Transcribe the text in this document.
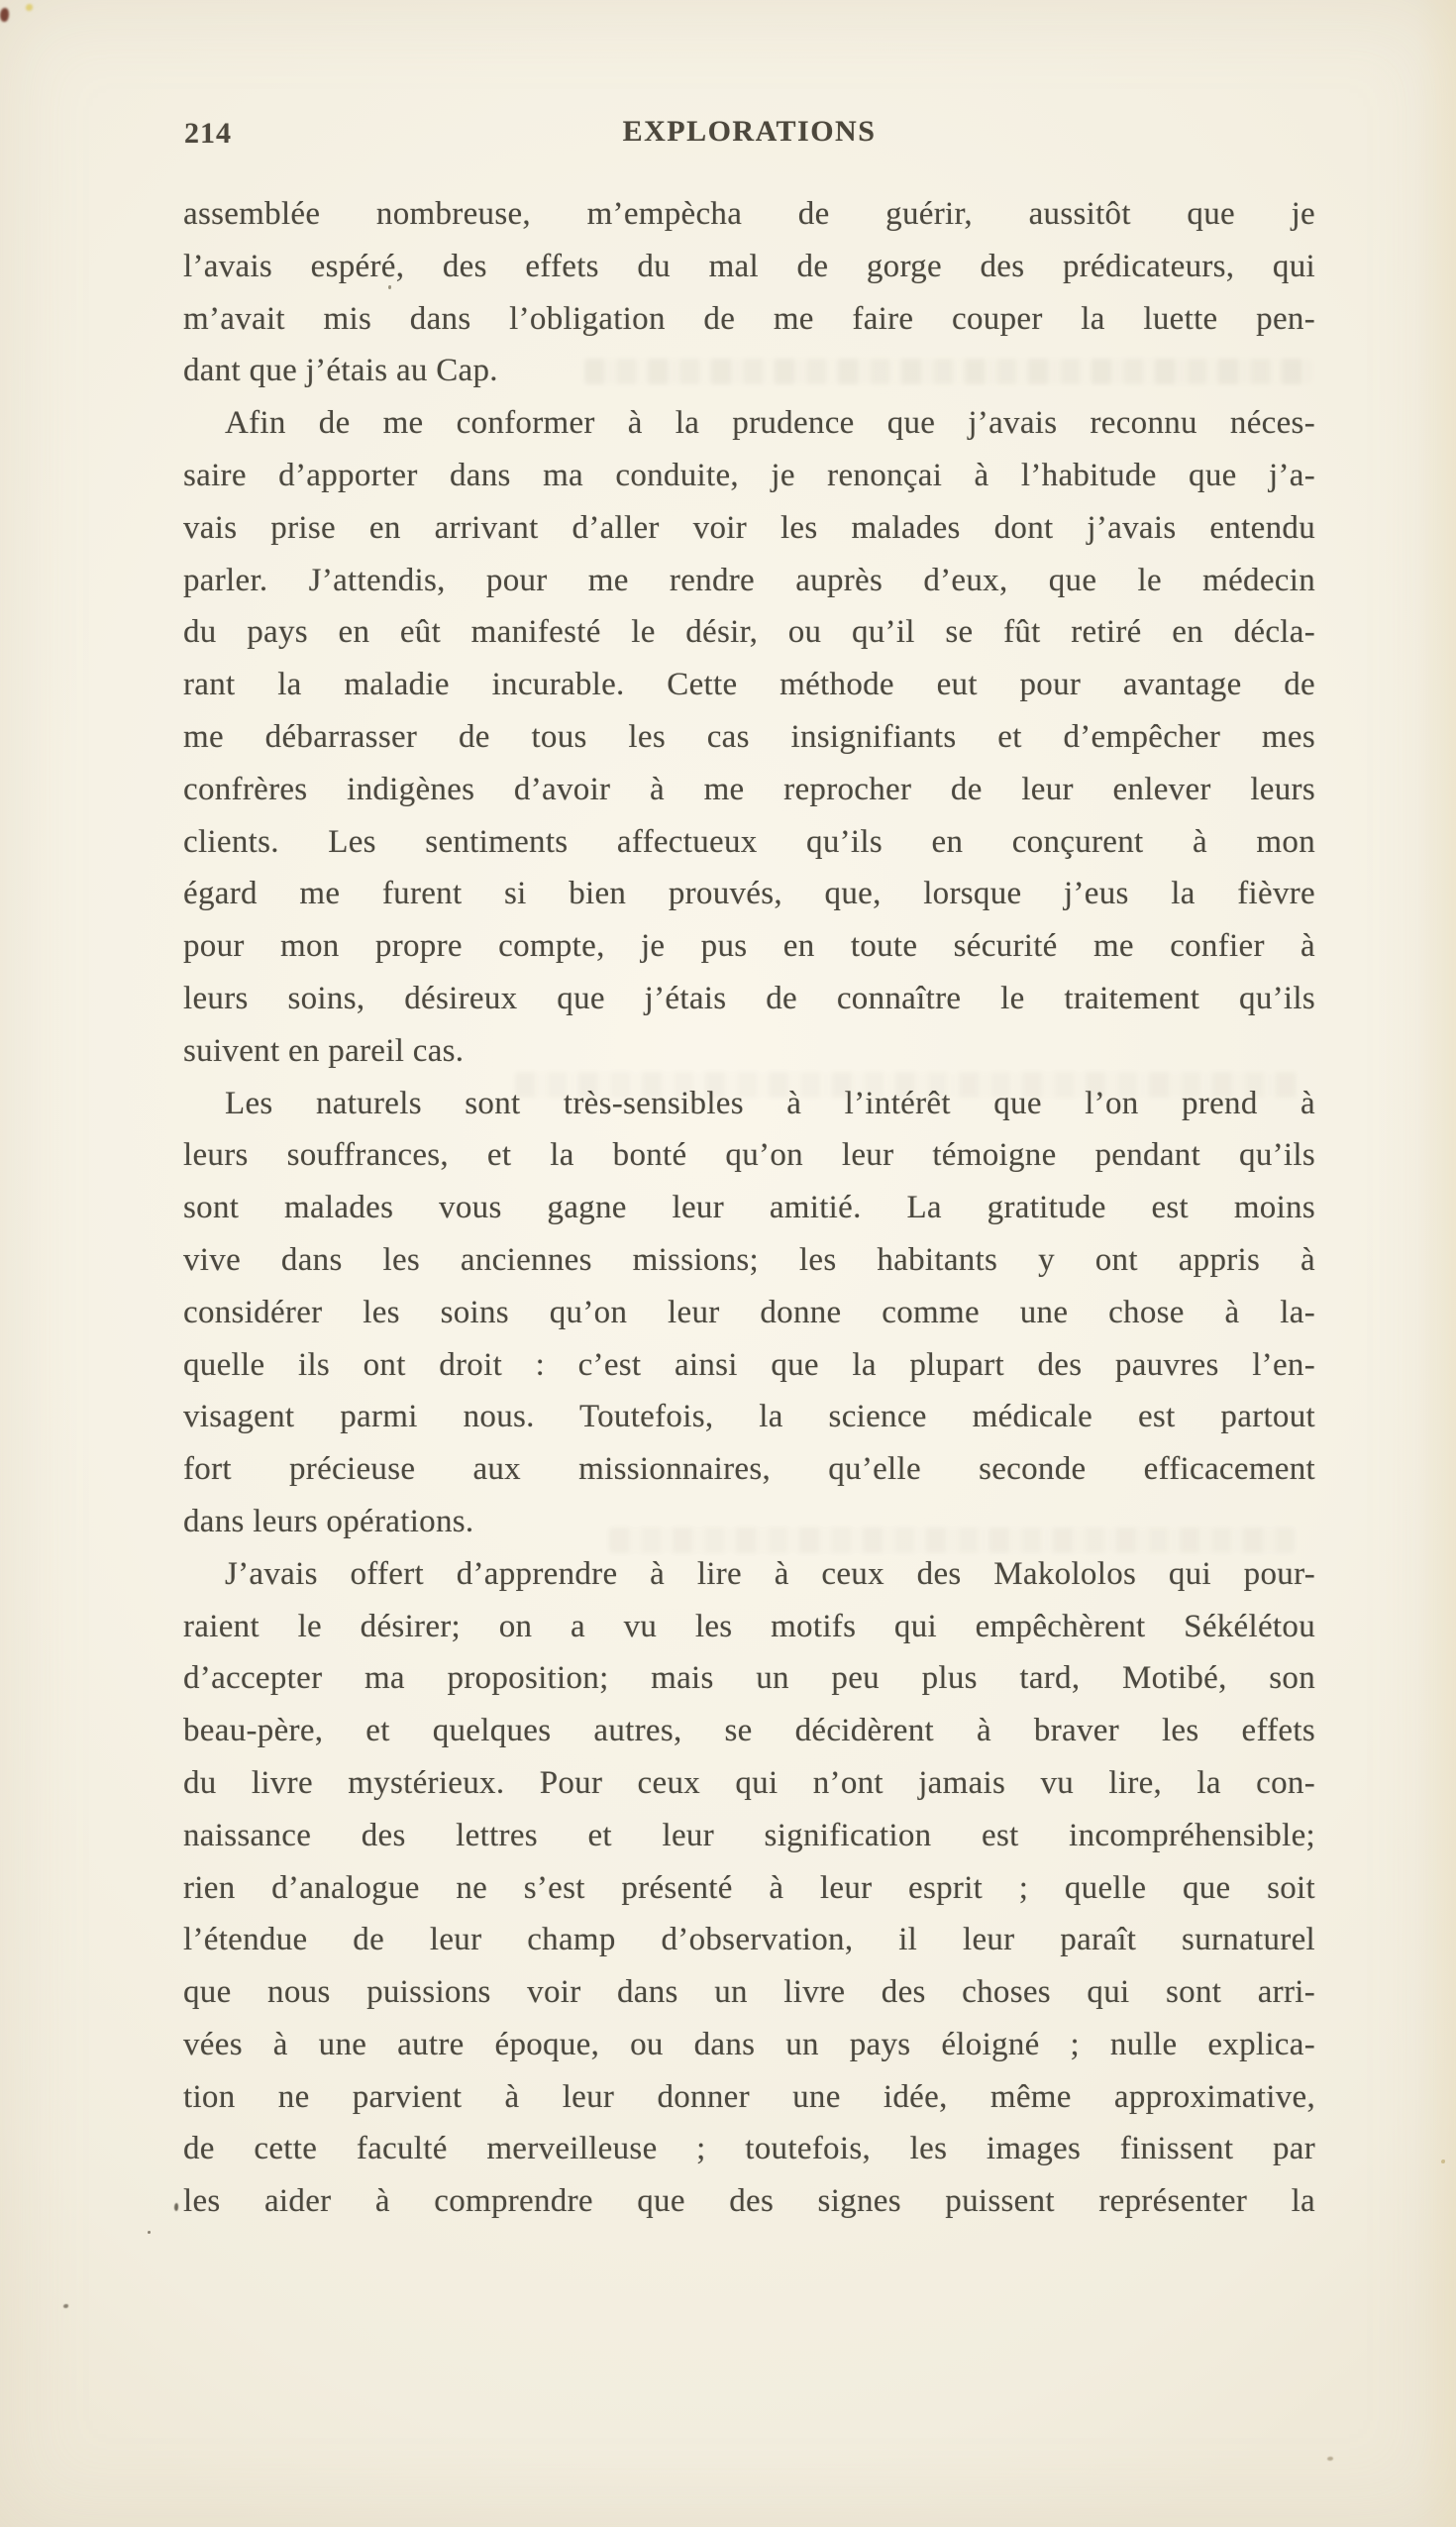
214	EXPLORATIONS
assemblée nombreuse, m’empècha de guérir, aussitôt que je
l’avais espéré, des effets du mal de gorge des prédicateurs, qui
m’avait mis dans l’obligation de me faire couper la luette pen-
dant que j’étais au Cap.
Afin de me conformer à la prudence que j’avais reconnu néces-
saire d’apporter dans ma conduite, je renonçai à l’habitude que j’a-
vais prise en arrivant d’aller voir les malades dont j’avais entendu
parler. J’attendis, pour me rendre auprès d’eux, que le médecin
du pays en eût manifesté le désir, ou qu’il se fût retiré en décla-
rant la maladie incurable. Cette méthode eut pour avantage de
me débarrasser de tous les cas insignifiants et d’empêcher mes
confrères indigènes d’avoir à me reprocher de leur enlever leurs
clients. Les sentiments affectueux qu’ils en conçurent à mon
égard me furent si bien prouvés, que, lorsque j’eus la fièvre
pour mon propre compte, je pus en toute sécurité me confier à
leurs soins, désireux que j’étais de connaître le traitement qu’ils
suivent en pareil cas.
Les naturels sont très-sensibles à l’intérêt que l’on prend à
leurs souffrances, et la bonté qu’on leur témoigne pendant qu’ils
sont malades vous gagne leur amitié. La gratitude est moins
vive dans les anciennes missions; les habitants y ont appris à
considérer les soins qu’on leur donne comme une chose à la-
quelle ils ont droit : c’est ainsi que la plupart des pauvres l’en-
visagent parmi nous. Toutefois, la science médicale est partout
fort précieuse aux missionnaires, qu’elle seconde efficacement
dans leurs opérations.
J’avais offert d’apprendre à lire à ceux des Makololos qui pour-
raient le désirer; on a vu les motifs qui empêchèrent Sékélétou
d’accepter ma proposition; mais un peu plus tard, Motibé, son
beau-père, et quelques autres, se décidèrent à braver les effets
du livre mystérieux. Pour ceux qui n’ont jamais vu lire, la con-
naissance des lettres et leur signification est incompréhensible;
rien d’analogue ne s’est présenté à leur esprit ; quelle que soit
l’étendue de leur champ d’observation, il leur paraît surnaturel
que nous puissions voir dans un livre des choses qui sont arri-
vées à une autre époque, ou dans un pays éloigné ; nulle explica-
tion ne parvient à leur donner une idée, même approximative,
de cette faculté merveilleuse ; toutefois, les images finissent par
les aider à comprendre que des signes puissent représenter la
